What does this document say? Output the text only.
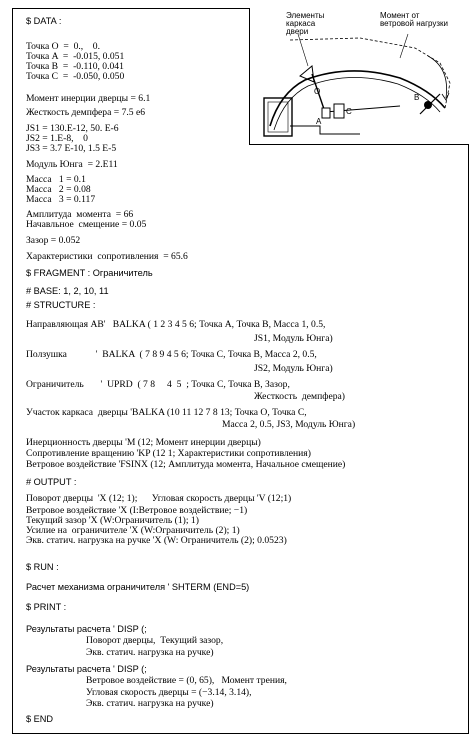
Элементы
каркаса
двери
Момент от
ветровой нагрузки
O
A
B
C
$ DATA :
Точка O  =  0.,    0.
Точка A  =  -0.015, 0.051
Точка B  =  -0.110, 0.041
Точка C  =  -0.050, 0.050
Момент инерции дверцы = 6.1
Жесткость демпфера = 7.5 e6
JS1 = 130.E-12, 50. E-6
JS2 = 1.E-8,    0
JS3 = 3.7 E-10, 1.5 E-5
Модуль Юнга  = 2.E11
Масса   1 = 0.1
Масса   2 = 0.08
Масса   3 = 0.117
Амплитуда  момента  = 66
Начавльное  смещение = 0.05
Зазор = 0.052
Характеристики  сопротивления  = 65.6
$ FRAGMENT : Ограничитель
# BASE: 1, 2, 10, 11
# STRUCTURE :
Направляющая AB'   BALKA ( 1 2 3 4 5 6; Точка A, Точка B, Масса 1, 0.5,
JS1, Модуль Юнга)
Ползушка            '  BALKA  ( 7 8 9 4 5 6; Точка C, Точка B, Масса 2, 0.5,
JS2, Модуль Юнга)
Ограничитель       '  UPRD  ( 7 8     4  5  ; Точка C, Точка B, Зазор,
Жесткость  демпфера)
Участок каркаса  дверцы 'BALKA (10 11 12 7 8 13; Точка O, Точка C,
Масса 2, 0.5, JS3, Модуль Юнга)
Инерционность дверцы 'M (12; Момент инерции дверцы)
Сопротивление вращению 'KP (12 1; Характеристики сопротивления)
Ветровое воздействие 'FSINX (12; Амплитуда момента, Начальное смещение)
# OUTPUT :
Поворот дверцы  'X (12; 1);      Угловая скорость дверцы 'V (12;1)
Ветровое воздействие 'X (I:Ветровое воздействие; −1)
Текущий зазор 'X (W:Ограничитель (1); 1)
Усилие на  ограничителе 'X (W:Ограничитель (2); 1)
Экв. статич. нагрузка на ручке 'X (W: Ограничитель (2); 0.0523)
$ RUN :
Расчет механизма ограничителя ' SHTERM (END=5)
$ PRINT :
Результаты расчета ' DISP (;
Поворот дверцы,  Текущий зазор,
Экв. статич. нагрузка на ручке)
Результаты расчета ' DISP (;
Ветровое воздействие = (0, 65),   Момент трения,
Угловая скорость дверцы = (−3.14, 3.14),
Экв. статич. нагрузка на ручке)
$ END
